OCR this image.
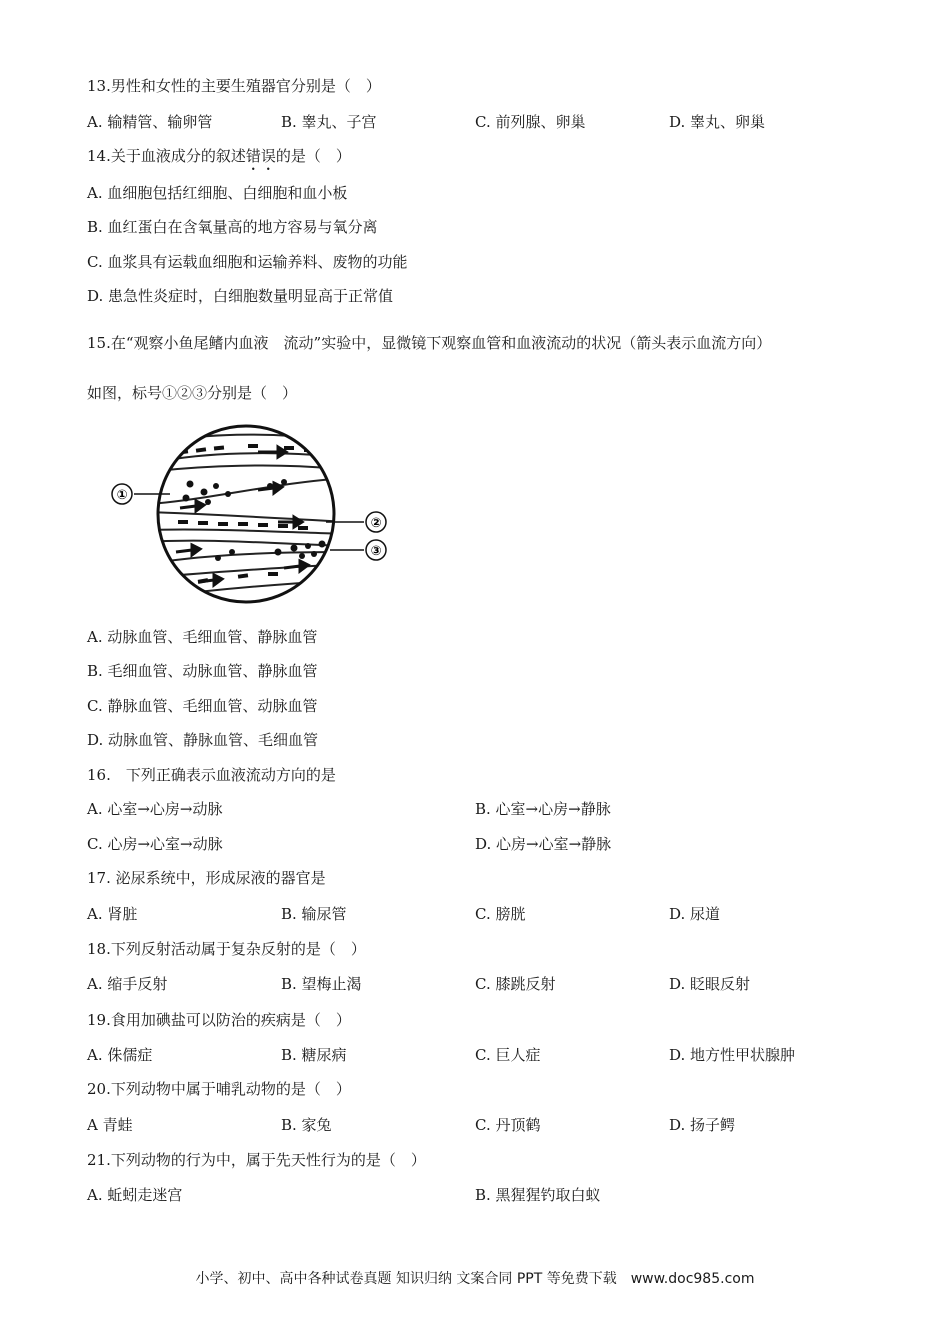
13.男性和女性的主要生殖器官分别是（　）
A. 输精管、输卵管	B. 睾丸、子宫	C. 前列腺、卵巢	D. 睾丸、卵巢
14.关于血液成分的叙述错误的是（　）
A. 血细胞包括红细胞、白细胞和血小板
B. 血红蛋白在含氧量高的地方容易与氧分离
C. 血浆具有运载血细胞和运输养料、废物的功能
D. 患急性炎症时，白细胞数量明显高于正常值
15.在“观察小鱼尾鳍内血液　流动”实验中，显微镜下观察血管和血液流动的状况（箭头表示血流方向）
如图，标号①②③分别是（　）
①
②
③
A. 动脉血管、毛细血管、静脉血管
B. 毛细血管、动脉血管、静脉血管
C. 静脉血管、毛细血管、动脉血管
D. 动脉血管、静脉血管、毛细血管
16.　下列正确表示血液流动方向的是
A. 心室→心房→动脉	B. 心室→心房→静脉
C. 心房→心室→动脉	D. 心房→心室→静脉
17. 泌尿系统中，形成尿液的器官是
A. 肾脏	B. 输尿管	C. 膀胱	D. 尿道
18.下列反射活动属于复杂反射的是（　）
A. 缩手反射	B. 望梅止渴	C. 膝跳反射	D. 眨眼反射
19.食用加碘盐可以防治的疾病是（　）
A. 侏儒症	B. 糖尿病	C. 巨人症	D. 地方性甲状腺肿
20.下列动物中属于哺乳动物的是（　）
A 青蛙	B. 家兔	C. 丹顶鹤	D. 扬子鳄
21.下列动物的行为中，属于先天性行为的是（　）
A. 蚯蚓走迷宫	B. 黑猩猩钓取白蚁
小学、初中、高中各种试卷真题 知识归纳 文案合同 PPT 等免费下载　www.doc985.com
